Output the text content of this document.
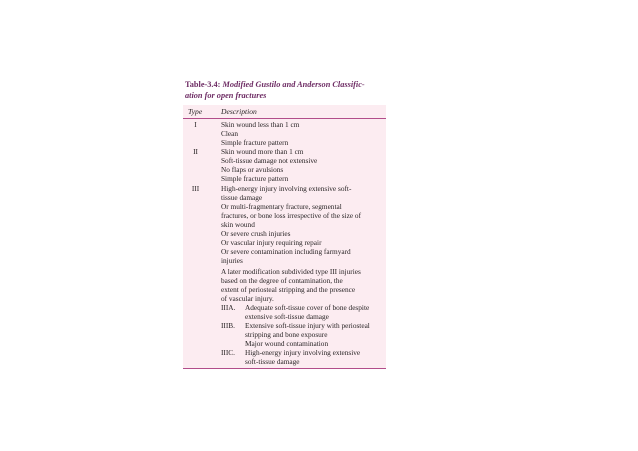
Table-3.4: Modified Gustilo and Anderson Classific-
ation for open fractures
Type	Description
I	Skin wound less than 1 cm
Clean
Simple fracture pattern
II	Skin wound more than 1 cm
Soft-tissue damage not extensive
No flaps or avulsions
Simple fracture pattern
III	High-energy injury involving extensive soft-
tissue damage
Or multi-fragmentary fracture, segmental
fractures, or bone loss irrespective of the size of
skin wound
Or severe crush injuries
Or vascular injury requiring repair
Or severe contamination including farmyard
injuries
A later modification subdivided type III injuries
based on the degree of contamination, the
extent of periosteal stripping and the presence
of vascular injury.
IIIA.	Adequate soft-tissue cover of bone despite
extensive soft-tissue damage
IIIB.	Extensive soft-tissue injury with periosteal
stripping and bone exposure
Major wound contamination
IIIC.	High-energy injury involving extensive
soft-tissue damage
